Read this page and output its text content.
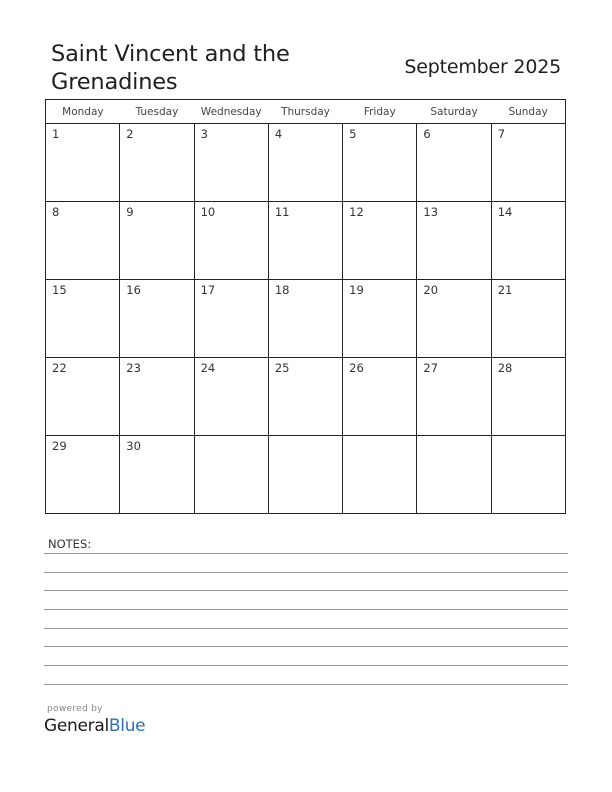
Saint Vincent and the Grenadines
September 2025
Monday	Tuesday	Wednesday	Thursday	Friday	Saturday	Sunday

1	2	3	4	5	6	7

8	9	10	11	12	13	14

15	16	17	18	19	20	21

22	23	24	25	26	27	28

29	30					

NOTES:
powered by
GeneralBlue
